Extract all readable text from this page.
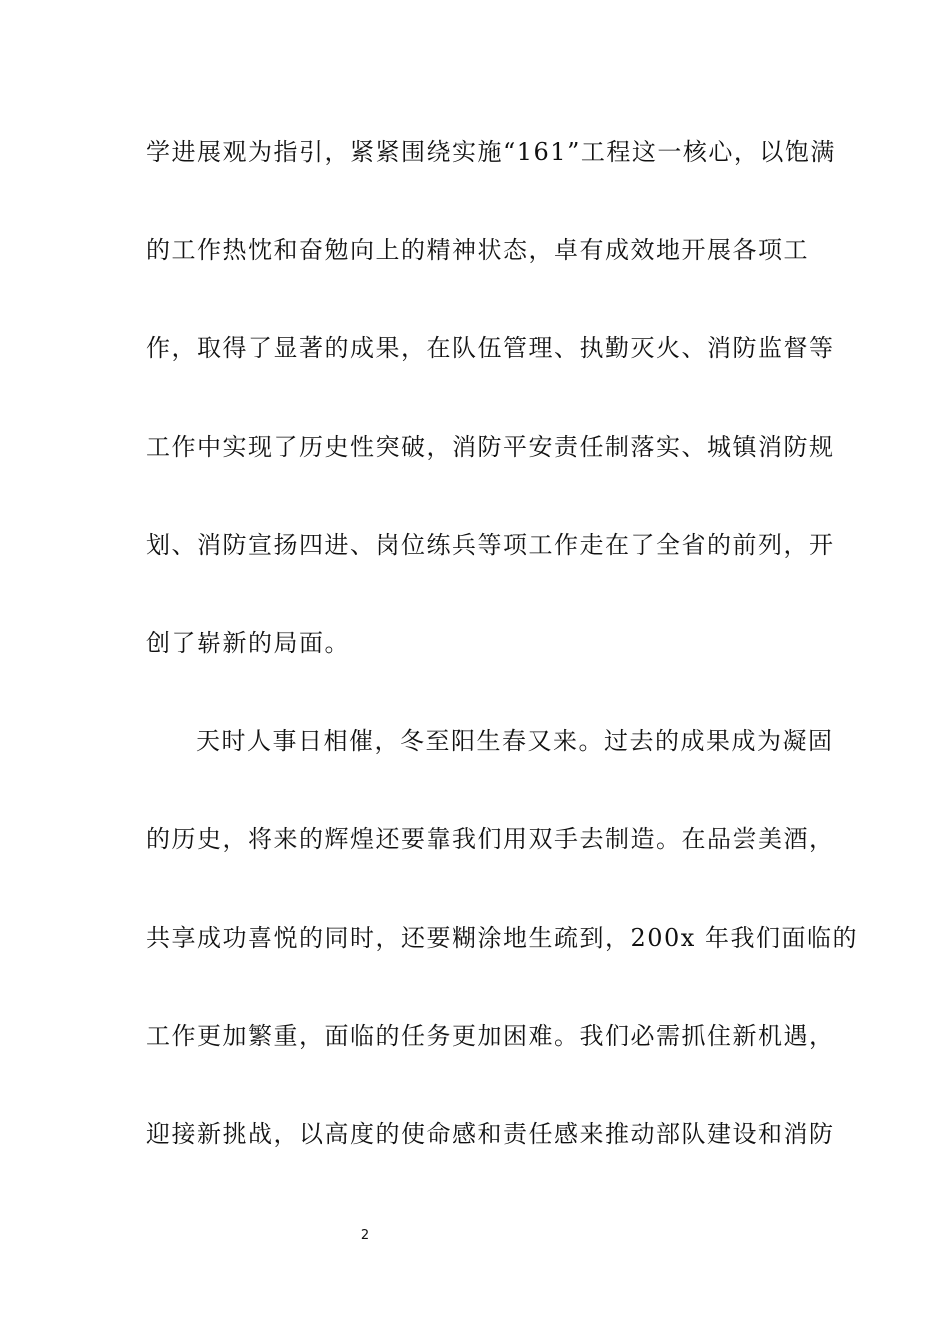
学进展观为指引，紧紧围绕实施“161”工程这一核心，以饱满
的工作热忱和奋勉向上的精神状态，卓有成效地开展各项工
作，取得了显著的成果，在队伍管理、执勤灭火、消防监督等
工作中实现了历史性突破，消防平安责任制落实、城镇消防规
划、消防宣扬四进、岗位练兵等项工作走在了全省的前列，开
创了崭新的局面。
天时人事日相催，冬至阳生春又来。过去的成果成为凝固
的历史，将来的辉煌还要靠我们用双手去制造。在品尝美酒，
共享成功喜悦的同时，还要糊涂地生疏到，200x 年我们面临的
工作更加繁重，面临的任务更加困难。我们必需抓住新机遇，
迎接新挑战，以高度的使命感和责任感来推动部队建设和消防
2
